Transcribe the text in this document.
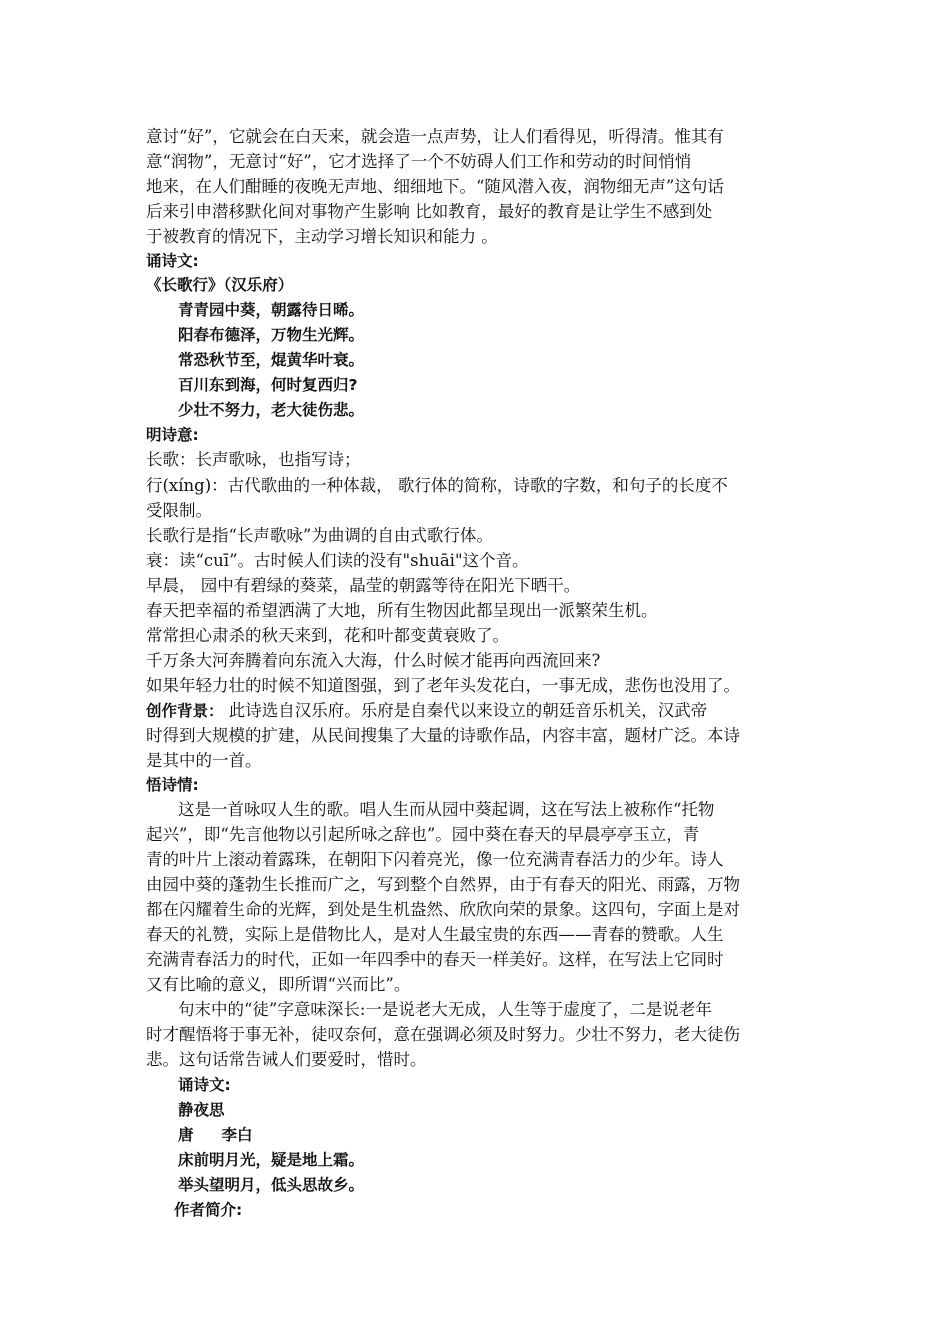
意讨“好”，它就会在白天来，就会造一点声势，让人们看得见，听得清。惟其有
意“润物”，无意讨“好”，它才选择了一个不妨碍人们工作和劳动的时间悄悄
地来，在人们酣睡的夜晚无声地、细细地下。“随风潜入夜，润物细无声”这句话
后来引申潜移默化间对事物产生影响 比如教育，最好的教育是让学生不感到处
于被教育的情况下，主动学习增长知识和能力 。
诵诗文:
《长歌行》（汉乐府）
青青园中葵，朝露待日晞。
阳春布德泽，万物生光辉。
常恐秋节至，焜黄华叶衰。
百川东到海，何时复西归?
少壮不努力，老大徒伤悲。
明诗意:
长歌：长声歌咏，也指写诗；
行(xíng)：古代歌曲的一种体裁， 歌行体的简称，诗歌的字数，和句子的长度不
受限制。
长歌行是指“长声歌咏”为曲调的自由式歌行体。
衰：读“cuī”。古时候人们读的没有"shuāi"这个音。
早晨， 园中有碧绿的葵菜，晶莹的朝露等待在阳光下晒干。
春天把幸福的希望洒满了大地，所有生物因此都呈现出一派繁荣生机。
常常担心肃杀的秋天来到，花和叶都变黄衰败了。
千万条大河奔腾着向东流入大海，什么时候才能再向西流回来?
如果年轻力壮的时候不知道图强，到了老年头发花白，一事无成，悲伤也没用了。
创作背景： 此诗选自汉乐府。乐府是自秦代以来设立的朝廷音乐机关，汉武帝
时得到大规模的扩建，从民间搜集了大量的诗歌作品，内容丰富，题材广泛。本诗
是其中的一首。
悟诗情:
这是一首咏叹人生的歌。唱人生而从园中葵起调，这在写法上被称作“托物
起兴”，即“先言他物以引起所咏之辞也”。园中葵在春天的早晨亭亭玉立，青
青的叶片上滚动着露珠，在朝阳下闪着亮光，像一位充满青春活力的少年。诗人
由园中葵的蓬勃生长推而广之，写到整个自然界，由于有春天的阳光、雨露，万物
都在闪耀着生命的光辉，到处是生机盎然、欣欣向荣的景象。这四句，字面上是对
春天的礼赞，实际上是借物比人，是对人生最宝贵的东西——青春的赞歌。人生
充满青春活力的时代，正如一年四季中的春天一样美好。这样，在写法上它同时
又有比喻的意义，即所谓“兴而比”。
句末中的“徒”字意味深长:一是说老大无成，人生等于虚度了，二是说老年
时才醒悟将于事无补，徒叹奈何，意在强调必须及时努力。少壮不努力，老大徒伤
悲。这句话常告诫人们要爱时，惜时。
诵诗文:
静夜思
唐 李白
床前明月光，疑是地上霜。
举头望明月，低头思故乡。
作者简介:
